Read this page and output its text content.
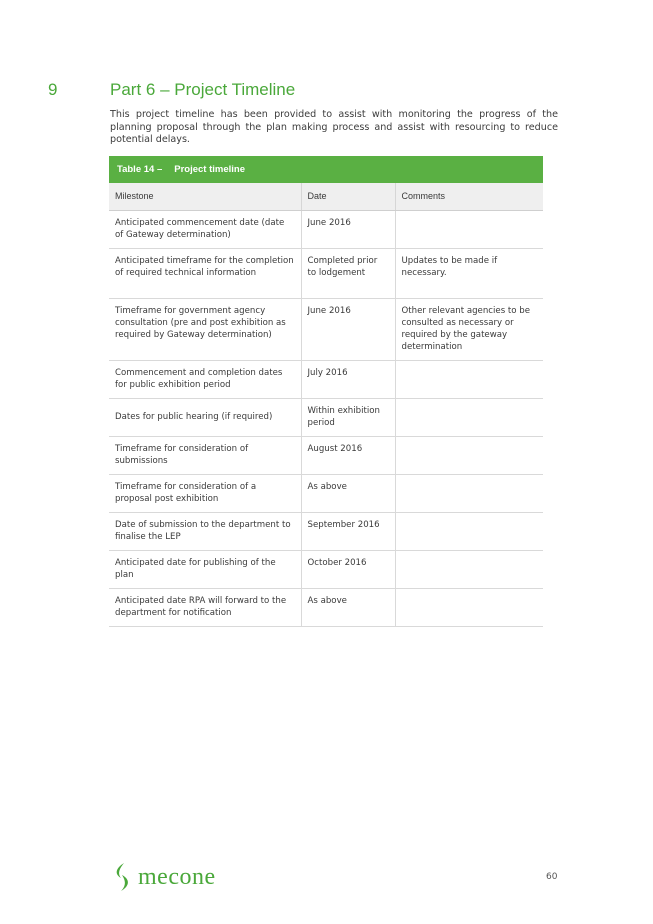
9	Part 6 – Project Timeline
This project timeline has been provided to assist with monitoring the progress of the planning proposal through the plan making process and assist with resourcing to reduce potential delays.
Table 14 – Project timeline		
Milestone	Date	Comments
Anticipated commencement date (date of Gateway determination)	June 2016	
Anticipated timeframe for the completion of required technical information	Completed prior to lodgement	Updates to be made if necessary.
Timeframe for government agency consultation (pre and post exhibition as required by Gateway determination)	June 2016	Other relevant agencies to be consulted as necessary or required by the gateway determination
Commencement and completion dates for public exhibition period	July 2016	
Dates for public hearing (if required)	Within exhibition period	
Timeframe for consideration of submissions	August 2016	
Timeframe for consideration of a proposal post exhibition	As above	
Date of submission to the department to finalise the LEP	September 2016	
Anticipated date for publishing of the plan	October 2016	
Anticipated date RPA will forward to the department for notification	As above	
mecone	60
